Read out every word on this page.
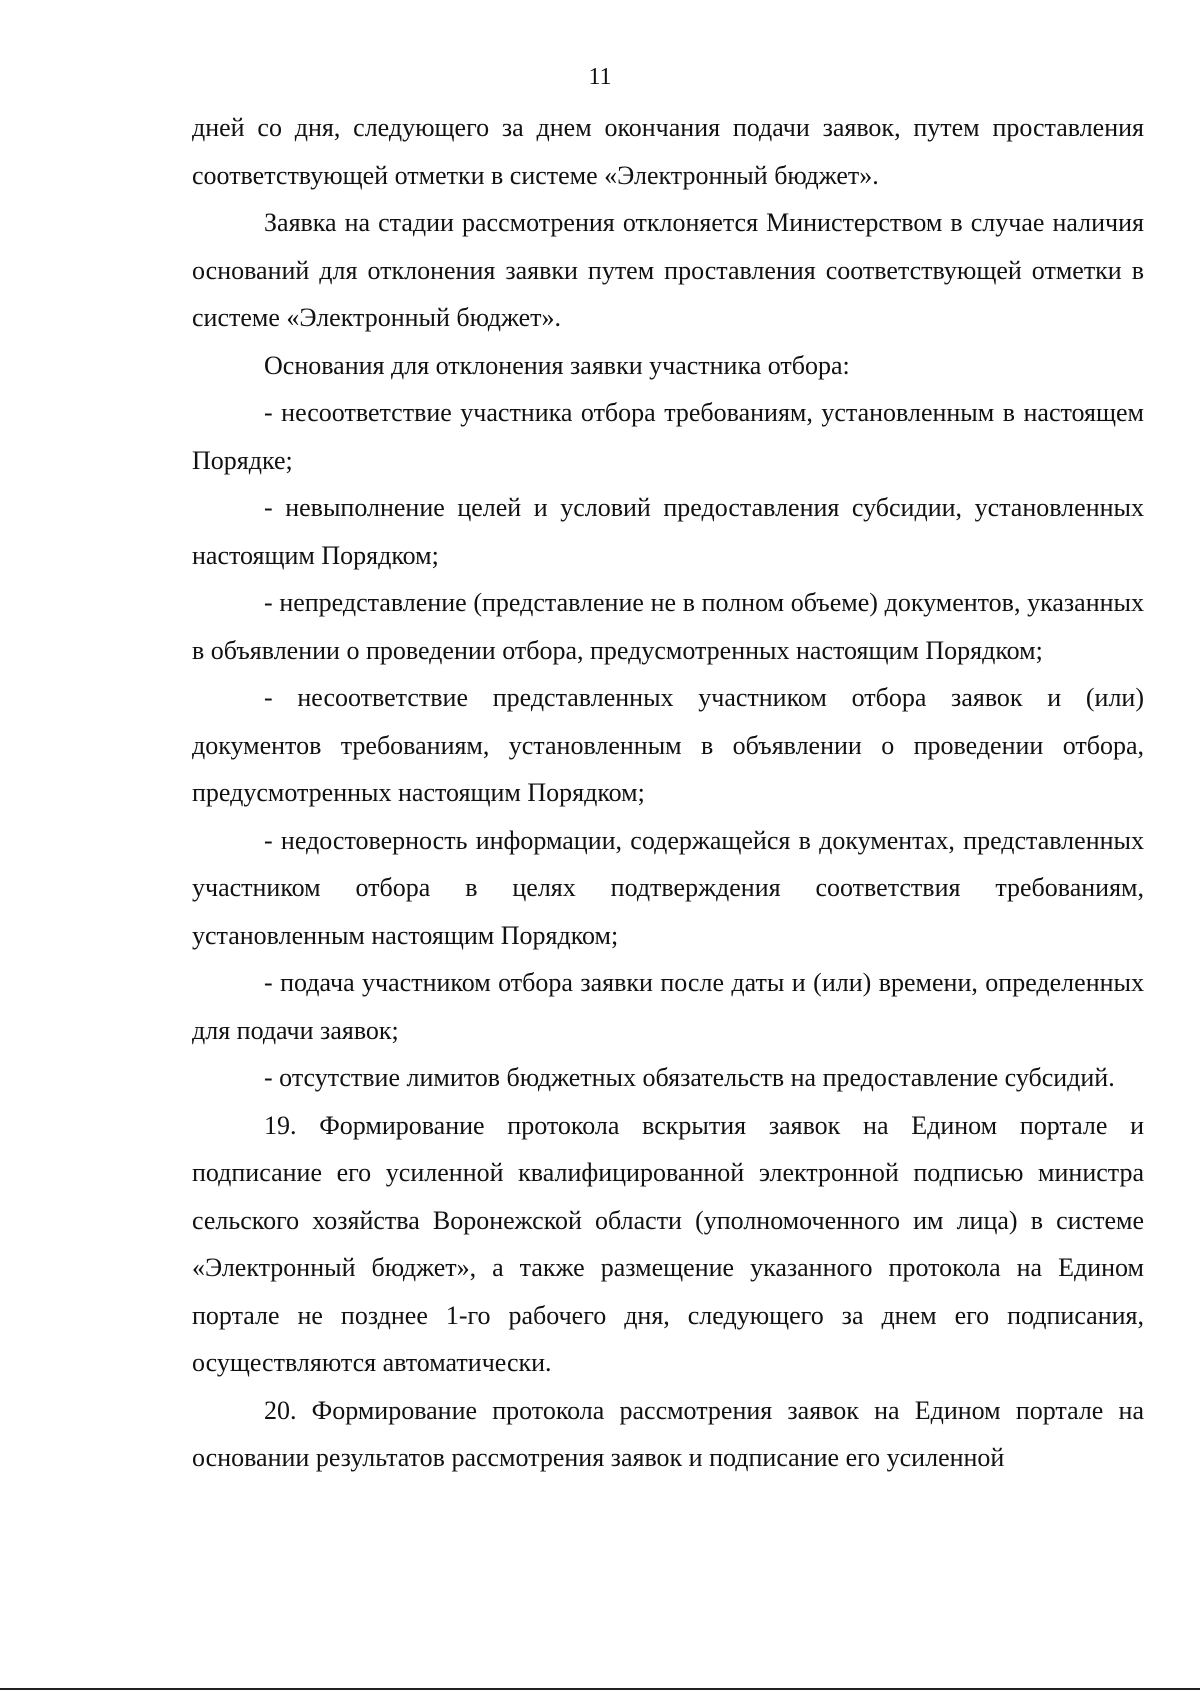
11

дней со дня, следующего за днем окончания подачи заявок, путем проставления соответствующей отметки в системе «Электронный бюджет».

Заявка на стадии рассмотрения отклоняется Министерством в случае наличия оснований для отклонения заявки путем проставления соответствующей отметки в системе «Электронный бюджет».

Основания для отклонения заявки участника отбора:

- несоответствие участника отбора требованиям, установленным в настоящем Порядке;

- невыполнение целей и условий предоставления субсидии, установленных настоящим Порядком;

- непредставление (представление не в полном объеме) документов, указанных в объявлении о проведении отбора, предусмотренных настоящим Порядком;

- несоответствие представленных участником отбора заявок и (или) документов требованиям, установленным в объявлении о проведении отбора, предусмотренных настоящим Порядком;

- недостоверность информации, содержащейся в документах, представленных участником отбора в целях подтверждения соответствия требованиям, установленным настоящим Порядком;

- подача участником отбора заявки после даты и (или) времени, определенных для подачи заявок;

- отсутствие лимитов бюджетных обязательств на предоставление субсидий.

19. Формирование протокола вскрытия заявок на Едином портале и подписание его усиленной квалифицированной электронной подписью министра сельского хозяйства Воронежской области (уполномоченного им лица) в системе «Электронный бюджет», а также размещение указанного протокола на Едином портале не позднее 1-го рабочего дня, следующего за днем его подписания, осуществляются автоматически.

20. Формирование протокола рассмотрения заявок на Едином портале на основании результатов рассмотрения заявок и подписание его усиленной
